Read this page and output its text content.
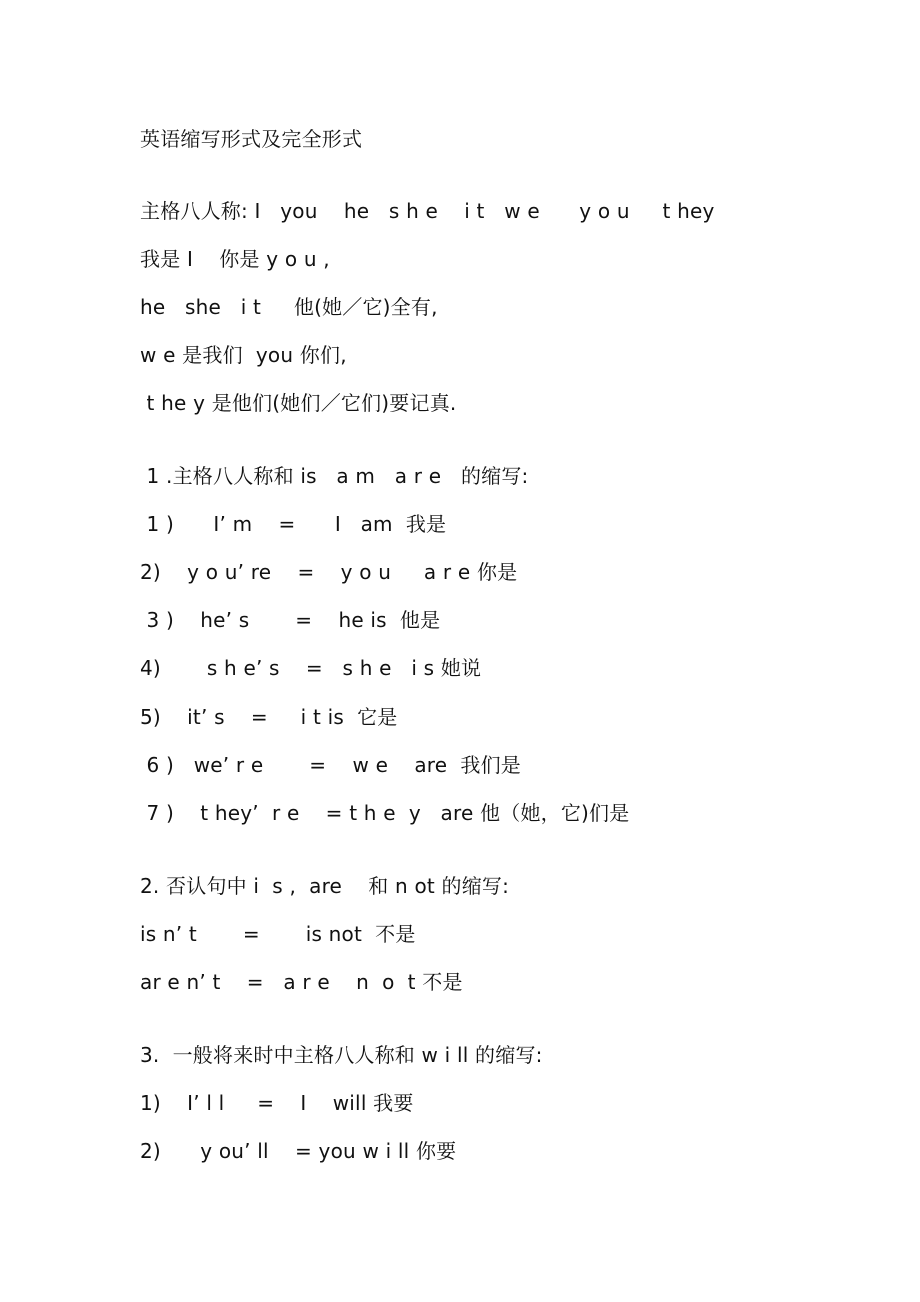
英语缩写形式及完全形式
主格八人称: I   you    he   s h e    i t   w e      y o u     t hey
我是 I    你是 y o u ,
he   she   i t     他(她／它)全有,
w e 是我们  you 你们,
t he y 是他们(她们／它们)要记真.
1 .主格八人称和 is   a m   a r e   的缩写:
1 )      I’ m    =      I   am  我是
2)    y o u’ re    =    y o u     a r e 你是
3 )    he’ s       =    he is  他是
4)       s h e’ s    =   s h e   i s 她说
5)    it’ s    =     i t is  它是
6 )   we’ r e       =    w e    are  我们是
7 )    t hey’  r e    = t h e  y   are 他（她，它)们是
2. 否认句中 i  s ,  are    和 n ot 的缩写:
is n’ t       =       is not  不是
ar e n’ t    =   a r e    n  o  t 不是
3.  一般将来时中主格八人称和 w i ll 的缩写:
1)    I’ l l     =    I    will 我要
2)      y ou’ ll    = you w i ll 你要
